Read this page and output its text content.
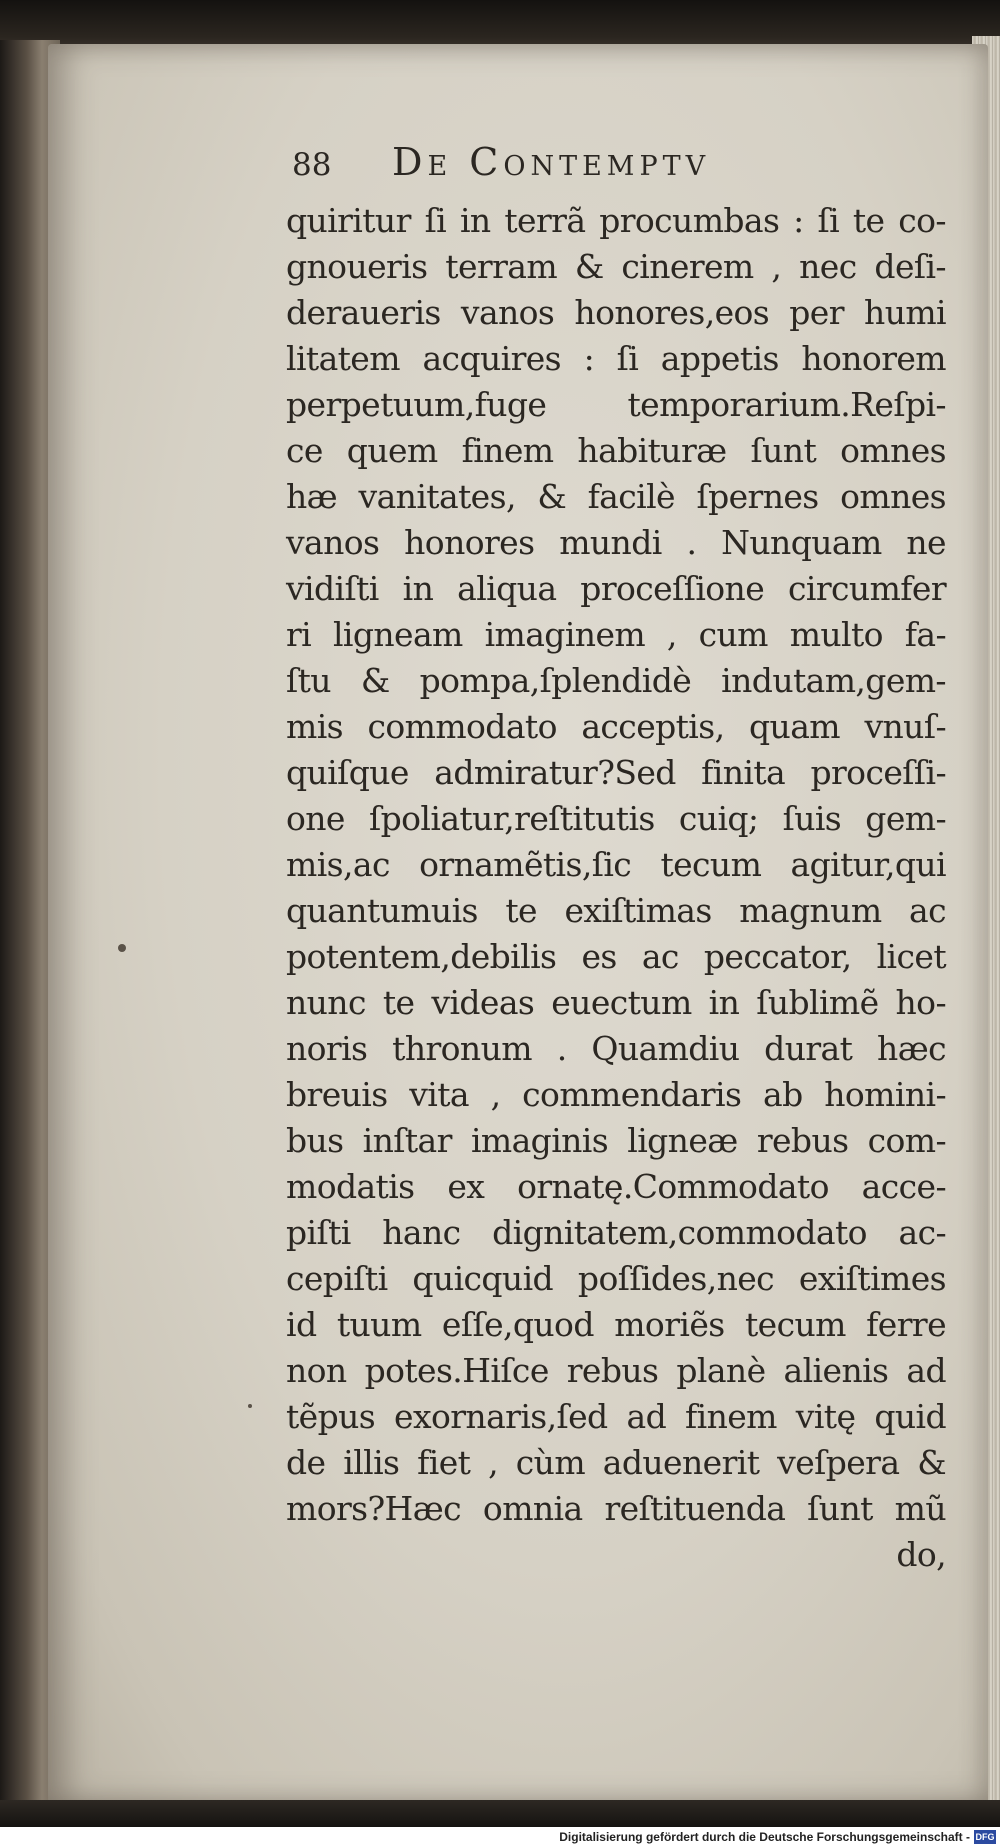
88	De Contemptv
quiritur ſi in terrã procumbas : ſi te co-
gnoueris terram & cinerem , nec deſi-
deraueris vanos honores,eos per humi
litatem acquires : ſi appetis honorem
perpetuum,fuge temporarium.Reſpi-
ce quem finem habituræ ſunt omnes
hæ vanitates, & facilè ſpernes omnes
vanos honores mundi . Nunquam ne
vidiſti in aliqua proceſſione circumfer
ri ligneam imaginem , cum multo fa-
ſtu & pompa,ſplendidè indutam,gem-
mis commodato acceptis, quam vnuſ-
quiſque admiratur?Sed finita proceſſi-
one ſpoliatur,reſtitutis cuiq; ſuis gem-
mis,ac ornamẽtis,ſic tecum agitur,qui
quantumuis te exiſtimas magnum ac
potentem,debilis es ac peccator, licet
nunc te videas euectum in ſublimẽ ho-
noris thronum . Quamdiu durat hæc
breuis vita , commendaris ab homini-
bus inſtar imaginis ligneæ rebus com-
modatis ex ornatę.Commodato acce-
piſti hanc dignitatem,commodato ac-
cepiſti quicquid poſſides,nec exiſtimes
id tuum eſſe,quod moriẽs tecum ferre
non potes.Hiſce rebus planè alienis ad
tẽpus exornaris,ſed ad finem vitę quid
de illis fiet , cùm aduenerit veſpera &
mors?Hæc omnia reſtituenda ſunt mũ
do,
Digitalisierung gefördert durch die Deutsche Forschungsgemeinschaft - DFG
